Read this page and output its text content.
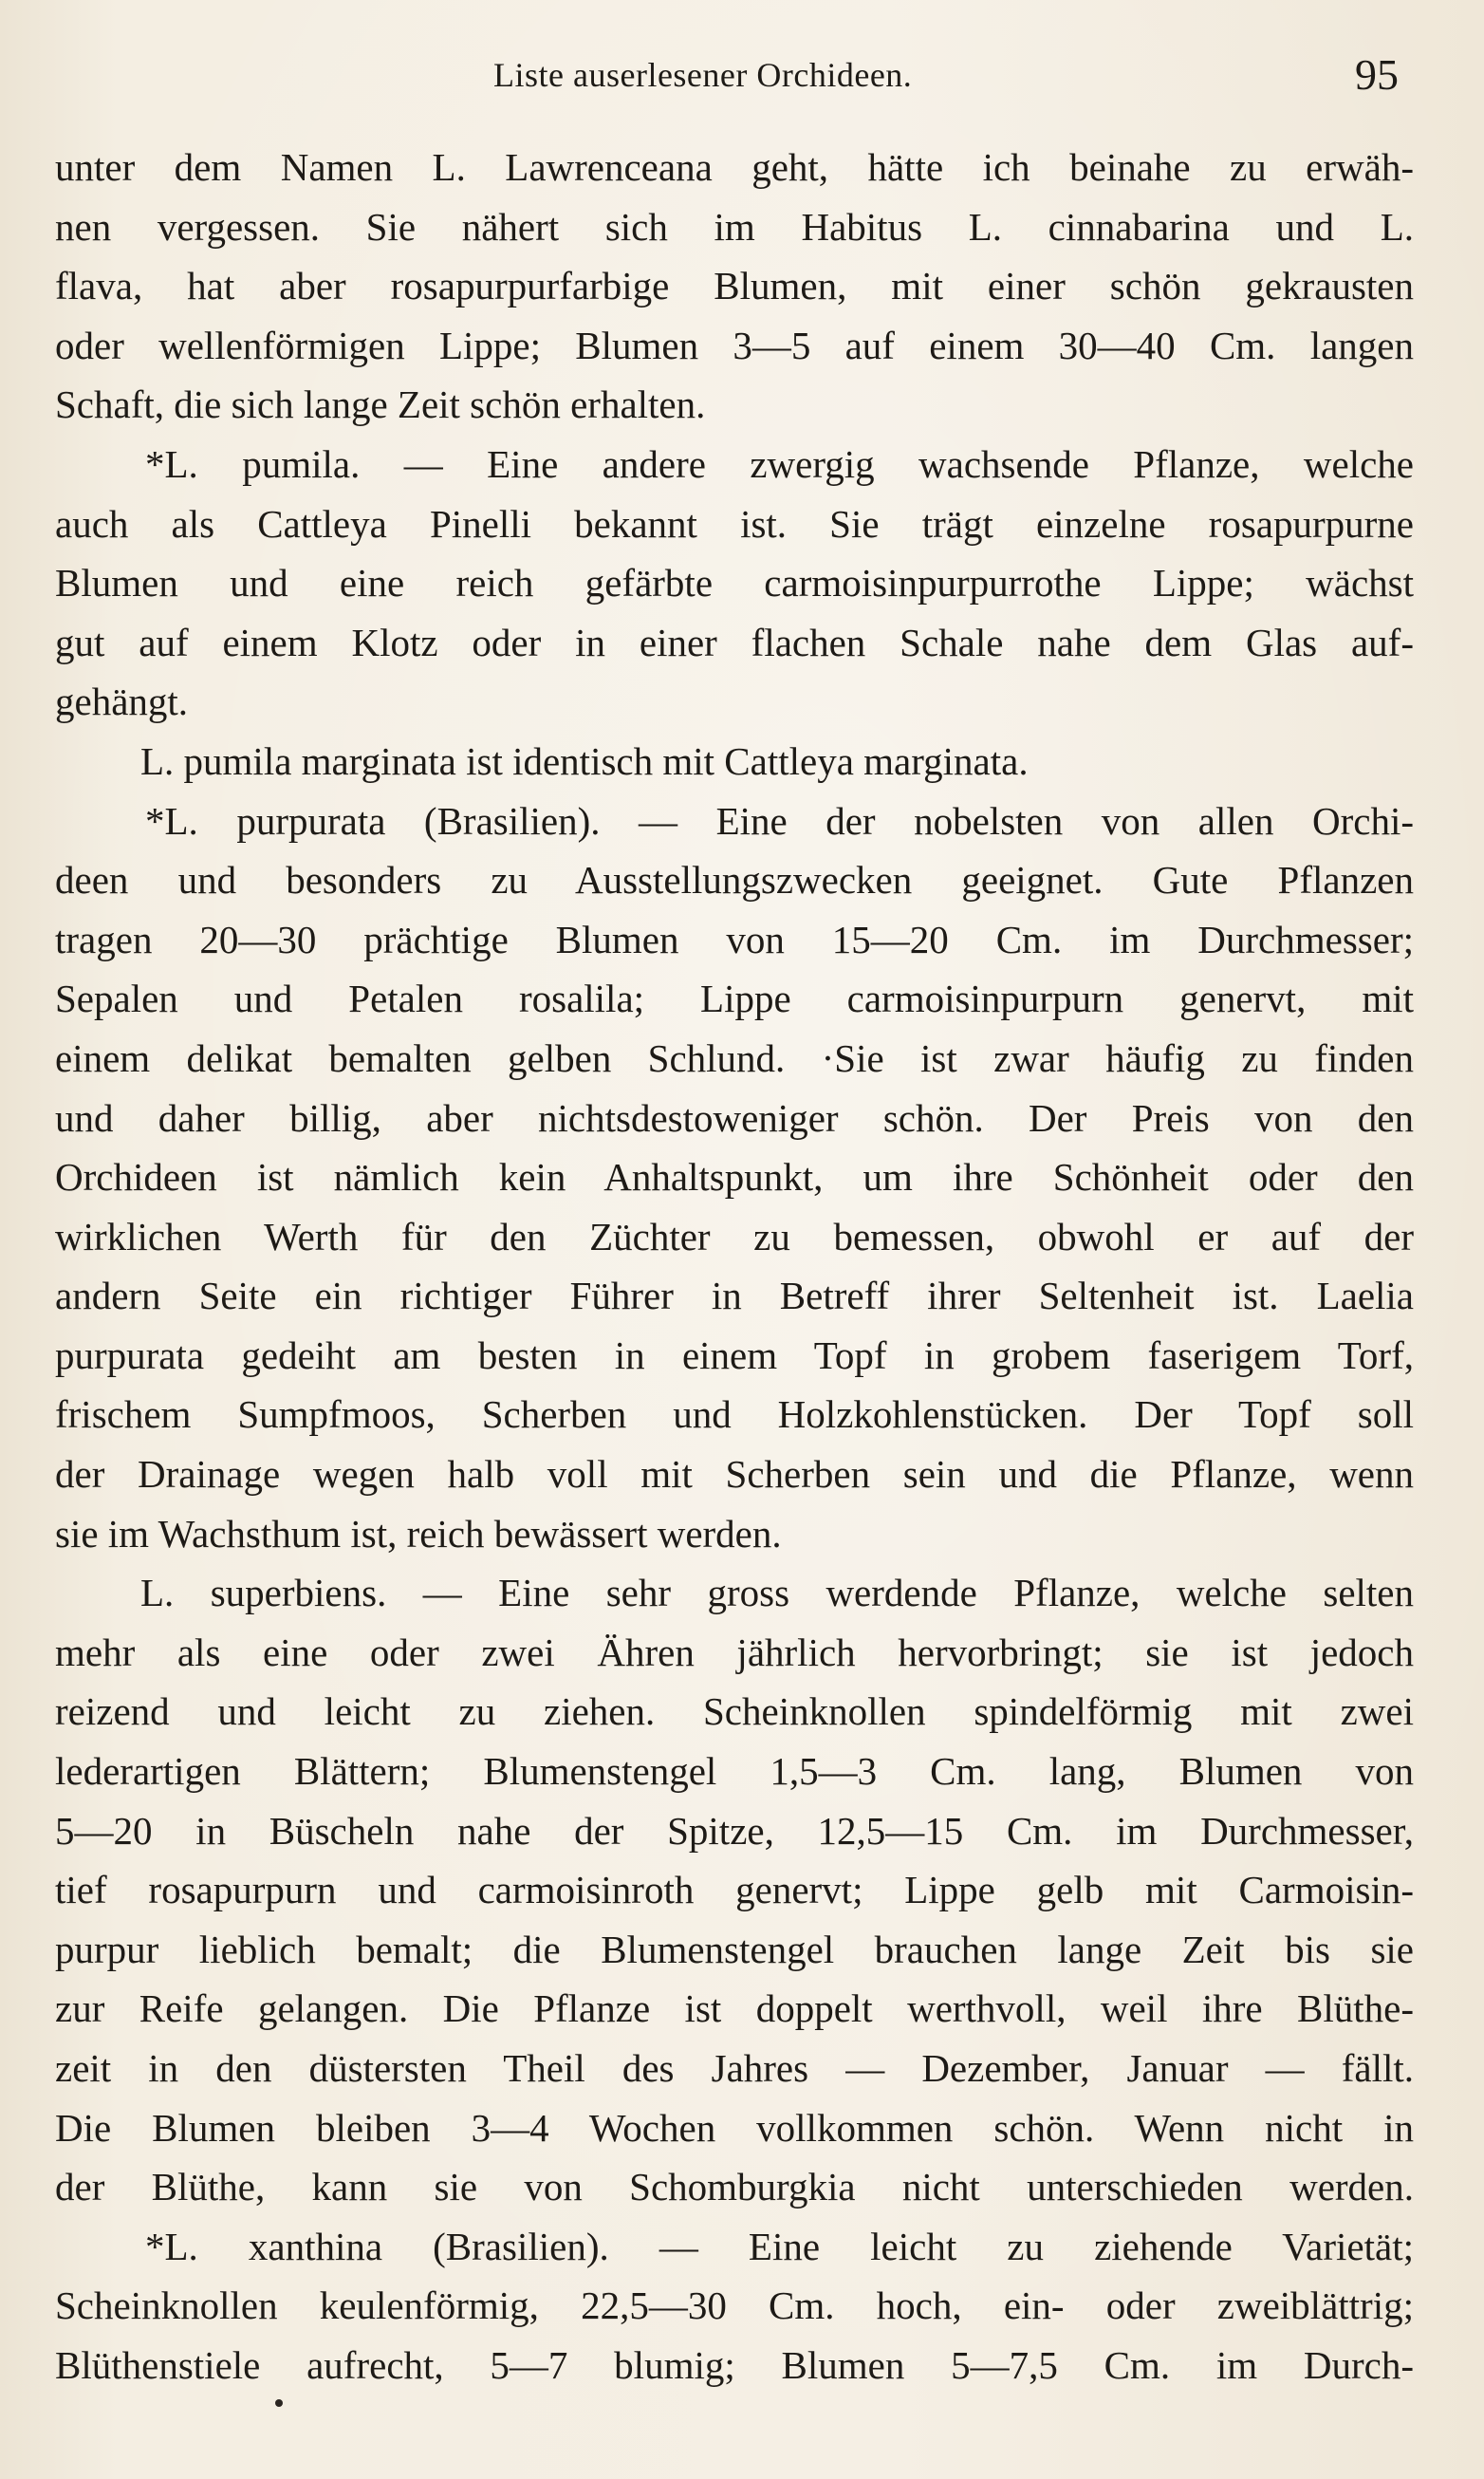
Liste auserlesener Orchideen.	95
unter dem Namen L. Lawrenceana geht, hätte ich beinahe zu erwäh-
nen vergessen. Sie nähert sich im Habitus L. cinnabarina und L.
flava, hat aber rosapurpurfarbige Blumen, mit einer schön gekrausten
oder wellenförmigen Lippe; Blumen 3—5 auf einem 30—40 Cm. langen
Schaft, die sich lange Zeit schön erhalten.
*L. pumila. — Eine andere zwergig wachsende Pflanze, welche
auch als Cattleya Pinelli bekannt ist. Sie trägt einzelne rosapurpurne
Blumen und eine reich gefärbte carmoisinpurpurrothe Lippe; wächst
gut auf einem Klotz oder in einer flachen Schale nahe dem Glas auf-
gehängt.
L. pumila marginata ist identisch mit Cattleya marginata.
*L. purpurata (Brasilien). — Eine der nobelsten von allen Orchi-
deen und besonders zu Ausstellungszwecken geeignet. Gute Pflanzen
tragen 20—30 prächtige Blumen von 15—20 Cm. im Durchmesser;
Sepalen und Petalen rosalila; Lippe carmoisinpurpurn genervt, mit
einem delikat bemalten gelben Schlund. ·Sie ist zwar häufig zu finden
und daher billig, aber nichtsdestoweniger schön. Der Preis von den
Orchideen ist nämlich kein Anhaltspunkt, um ihre Schönheit oder den
wirklichen Werth für den Züchter zu bemessen, obwohl er auf der
andern Seite ein richtiger Führer in Betreff ihrer Seltenheit ist. Laelia
purpurata gedeiht am besten in einem Topf in grobem faserigem Torf,
frischem Sumpfmoos, Scherben und Holzkohlenstücken. Der Topf soll
der Drainage wegen halb voll mit Scherben sein und die Pflanze, wenn
sie im Wachsthum ist, reich bewässert werden.
L. superbiens. — Eine sehr gross werdende Pflanze, welche selten
mehr als eine oder zwei Ähren jährlich hervorbringt; sie ist jedoch
reizend und leicht zu ziehen. Scheinknollen spindelförmig mit zwei
lederartigen Blättern; Blumenstengel 1,5—3 Cm. lang, Blumen von
5—20 in Büscheln nahe der Spitze, 12,5—15 Cm. im Durchmesser,
tief rosapurpurn und carmoisinroth genervt; Lippe gelb mit Carmoisin-
purpur lieblich bemalt; die Blumenstengel brauchen lange Zeit bis sie
zur Reife gelangen. Die Pflanze ist doppelt werthvoll, weil ihre Blüthe-
zeit in den düstersten Theil des Jahres — Dezember, Januar — fällt.
Die Blumen bleiben 3—4 Wochen vollkommen schön. Wenn nicht in
der Blüthe, kann sie von Schomburgkia nicht unterschieden werden.
*L. xanthina (Brasilien). — Eine leicht zu ziehende Varietät;
Scheinknollen keulenförmig, 22,5—30 Cm. hoch, ein- oder zweiblättrig;
Blüthenstiele aufrecht, 5—7 blumig; Blumen 5—7,5 Cm. im Durch-
